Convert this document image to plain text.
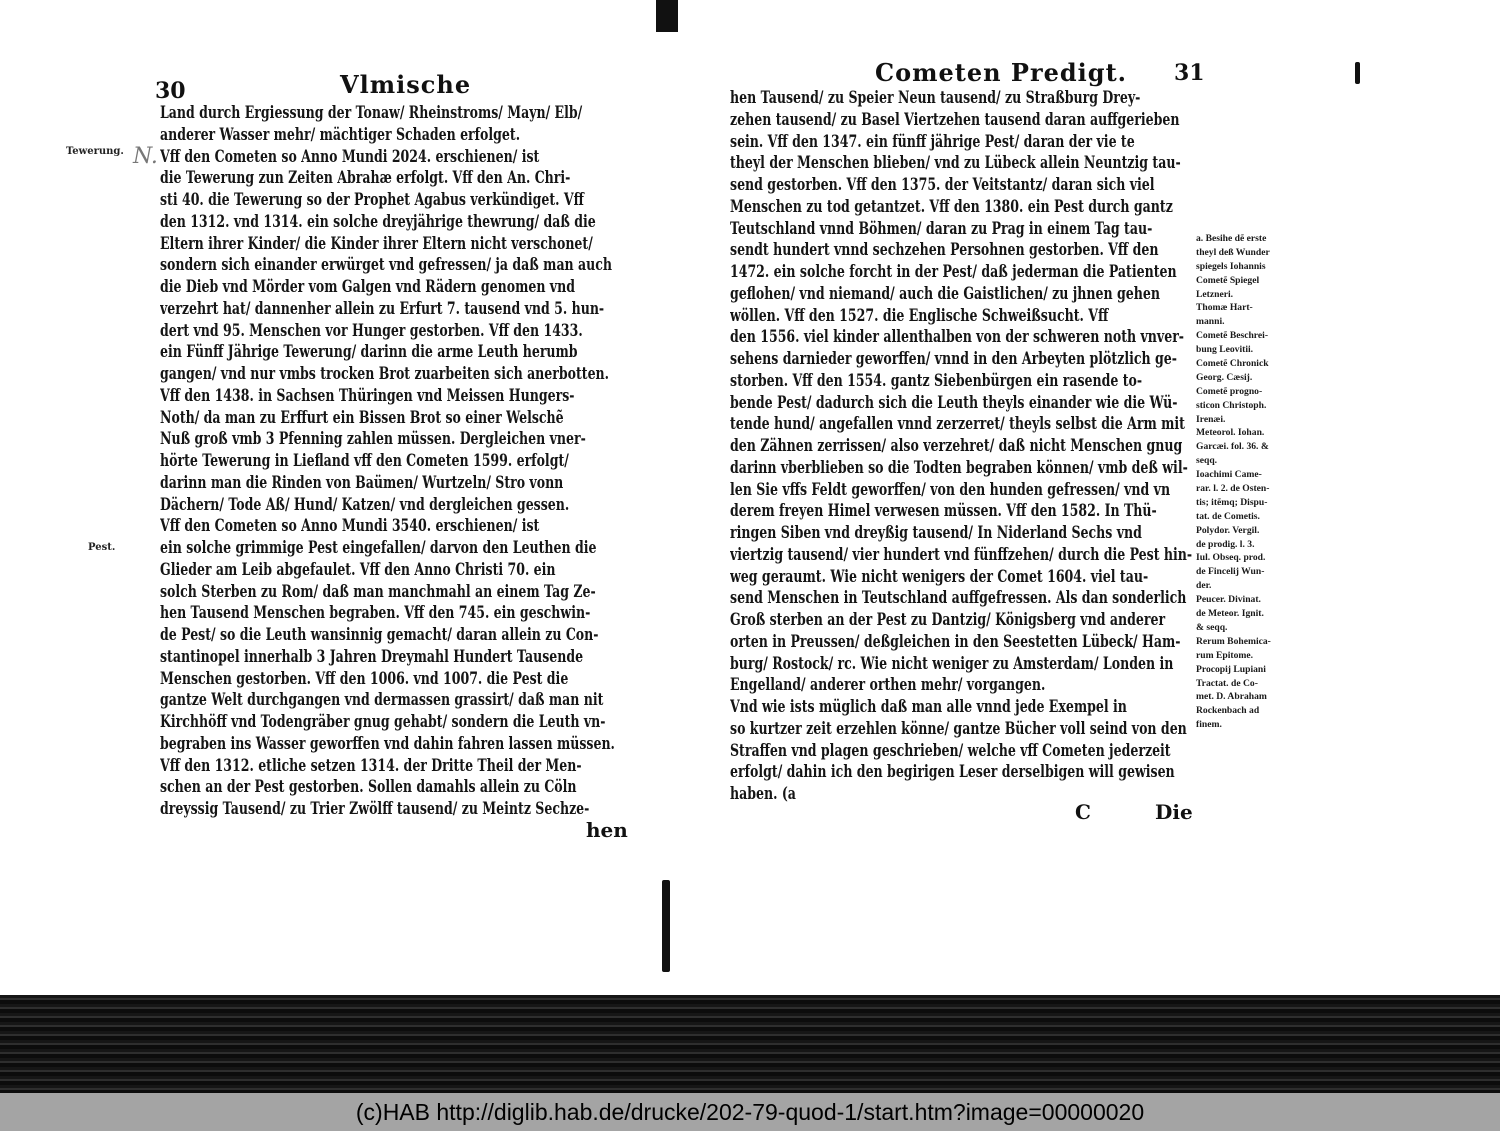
30	Vlmische
Tewerung. N.
Pest.
Land durch Ergiessung der Tonaw/ Rheinstroms/ Mayn/ Elb/
anderer Wasser mehr/ mächtiger Schaden erfolget.
Vff den Cometen so Anno Mundi 2024. erschienen/ ist
die Tewerung zun Zeiten Abrahæ erfolgt. Vff den An. Chri-
sti 40. die Tewerung so der Prophet Agabus verkündiget. Vff
den 1312. vnd 1314. ein solche dreyjährige thewrung/ daß die
Eltern ihrer Kinder/ die Kinder ihrer Eltern nicht verschonet/
sondern sich einander erwürget vnd gefressen/ ja daß man auch
die Dieb vnd Mörder vom Galgen vnd Rädern genomen vnd
verzehrt hat/ dannenher allein zu Erfurt 7. tausend vnd 5. hun-
dert vnd 95. Menschen vor Hunger gestorben. Vff den 1433.
ein Fünff Jährige Tewerung/ darinn die arme Leuth herumb
gangen/ vnd nur vmbs trocken Brot zuarbeiten sich anerbotten.
Vff den 1438. in Sachsen Thüringen vnd Meissen Hungers-
Noth/ da man zu Erffurt ein Bissen Brot so einer Welschẽ
Nuß groß vmb 3 Pfenning zahlen müssen. Dergleichen vner-
hörte Tewerung in Liefland vff den Cometen 1599. erfolgt/
darinn man die Rinden von Baümen/ Wurtzeln/ Stro vonn
Dächern/ Tode Aß/ Hund/ Katzen/ vnd dergleichen gessen.
Vff den Cometen so Anno Mundi 3540. erschienen/ ist
ein solche grimmige Pest eingefallen/ darvon den Leuthen die
Glieder am Leib abgefaulet. Vff den Anno Christi 70. ein
solch Sterben zu Rom/ daß man manchmahl an einem Tag Ze-
hen Tausend Menschen begraben. Vff den 745. ein geschwin-
de Pest/ so die Leuth wansinnig gemacht/ daran allein zu Con-
stantinopel innerhalb 3 Jahren Dreymahl Hundert Tausende
Menschen gestorben. Vff den 1006. vnd 1007. die Pest die
gantze Welt durchgangen vnd dermassen grassirt/ daß man nit
Kirchhöff vnd Todengräber gnug gehabt/ sondern die Leuth vn-
begraben ins Wasser geworffen vnd dahin fahren lassen müssen.
Vff den 1312. etliche setzen 1314. der Dritte Theil der Men-
schen an der Pest gestorben. Sollen damahls allein zu Cöln
dreyssig Tausend/ zu Trier Zwölff tausend/ zu Meintz Sechze-
hen
Cometen Predigt. 31
hen Tausend/ zu Speier Neun tausend/ zu Straßburg Drey-
zehen tausend/ zu Basel Viertzehen tausend daran auffgerieben
sein. Vff den 1347. ein fünff jährige Pest/ daran der vie te
theyl der Menschen blieben/ vnd zu Lübeck allein Neuntzig tau-
send gestorben. Vff den 1375. der Veitstantz/ daran sich viel
Menschen zu tod getantzet. Vff den 1380. ein Pest durch gantz
Teutschland vnnd Böhmen/ daran zu Prag in einem Tag tau-
sendt hundert vnnd sechzehen Persohnen gestorben. Vff den
1472. ein solche forcht in der Pest/ daß jederman die Patienten
geflohen/ vnd niemand/ auch die Gaistlichen/ zu jhnen gehen
wöllen. Vff den 1527. die Englische Schweißsucht. Vff
den 1556. viel kinder allenthalben von der schweren noth vnver-
sehens darnieder geworffen/ vnnd in den Arbeyten plötzlich ge-
storben. Vff den 1554. gantz Siebenbürgen ein rasende to-
bende Pest/ dadurch sich die Leuth theyls einander wie die Wü-
tende hund/ angefallen vnnd zerzerret/ theyls selbst die Arm mit
den Zähnen zerrissen/ also verzehret/ daß nicht Menschen gnug
darinn vberblieben so die Todten begraben können/ vmb deß wil-
len Sie vffs Feldt geworffen/ von den hunden gefressen/ vnd vn
derem freyen Himel verwesen müssen. Vff den 1582. In Thü-
ringen Siben vnd dreyßig tausend/ In Niderland Sechs vnd
viertzig tausend/ vier hundert vnd fünffzehen/ durch die Pest hin-
weg geraumt. Wie nicht wenigers der Comet 1604. viel tau-
send Menschen in Teutschland auffgefressen. Als dan sonderlich
Groß sterben an der Pest zu Dantzig/ Königsberg vnd anderer
orten in Preussen/ deßgleichen in den Seestetten Lübeck/ Ham-
burg/ Rostock/ rc. Wie nicht weniger zu Amsterdam/ Londen in
Engelland/ anderer orthen mehr/ vorgangen.
Vnd wie ists müglich daß man alle vnnd jede Exempel in
so kurtzer zeit erzehlen könne/ gantze Bücher voll seind von den
Straffen vnd plagen geschrieben/ welche vff Cometen jederzeit
erfolgt/ dahin ich den begirigen Leser derselbigen will gewisen
haben. (a
a. Besihe dẽ erste
theyl deß Wunder
spiegels Iohannis
Cometẽ Spiegel
Letzneri.
Thomæ Hart-
manni.
Cometẽ Beschrei-
bung Leovitii.
Cometẽ Chronick
Georg. Cæsij.
Cometẽ progno-
sticon Christoph.
Irenæi.
Meteorol. Iohan.
Garcæi. fol. 36. &
seqq.
Ioachimi Came-
rar. l. 2. de Osten-
tis; itẽmq; Dispu-
tat. de Cometis.
Polydor. Vergil.
de prodig. l. 3.
Iul. Obseq. prod.
de Fincelij Wun-
der.
Peucer. Divinat.
de Meteor. Ignit.
& seqq.
Rerum Bohemica-
rum Epitome.
Procopij Lupiani
Tractat. de Co-
met. D. Abraham
Rockenbach ad
finem.
C	Die
(c)HAB http://diglib.hab.de/drucke/202-79-quod-1/start.htm?image=00000020
